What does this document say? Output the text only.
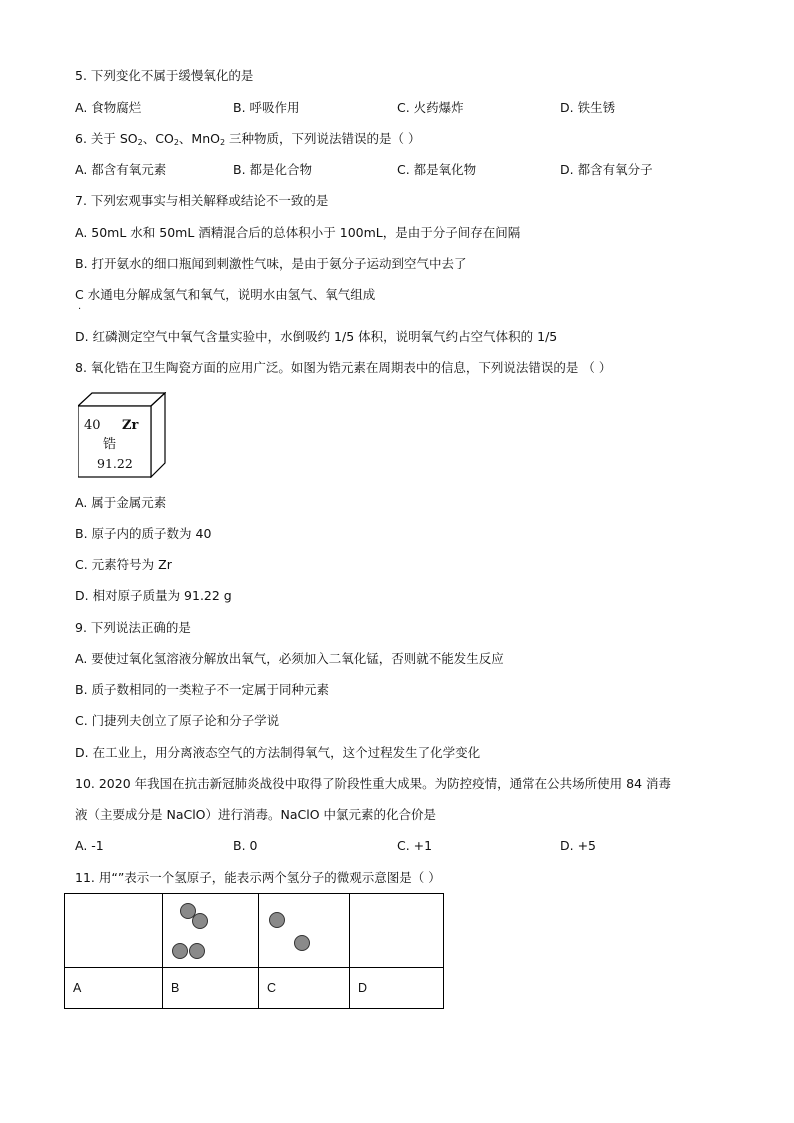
5. 下列变化不属于缓慢氧化的是
A. 食物腐烂	B. 呼吸作用	C. 火药爆炸	D. 铁生锈
6. 关于 $SO_2$、$CO_2$、MnO$_2$ 三种物质，下列说法错误的是（ ）
A. 都含有氧元素	B. 都是化合物	C. 都是氧化物	D. 都含有氧分子
7. 下列宏观事实与相关解释或结论不一致的是
A. 50mL 水和 50mL 酒精混合后的总体积小于 100mL，是由于分子间存在间隔
B. 打开氨水的细口瓶闻到刺激性气味，是由于氨分子运动到空气中去了
C 水通电分解成氢气和氧气，说明水由氢气、氧气组成
·
D. 红磷测定空气中氧气含量实验中，水倒吸约 1/5 体积，说明氧气约占空气体积的 1/5
8. 氧化锆在卫生陶瓷方面的应用广泛。如图为锆元素在周期表中的信息，下列说法错误的是 （ ）
40 Zr
锆
91.22
A. 属于金属元素
B. 原子内的质子数为 40
C. 元素符号为 Zr
D. 相对原子质量为 91.22 g
9. 下列说法正确的是
A. 要使过氧化氢溶液分解放出氧气，必须加入二氧化锰，否则就不能发生反应
B. 质子数相同的一类粒子不一定属于同种元素
C. 门捷列夫创立了原子论和分子学说
D. 在工业上，用分离液态空气的方法制得氧气，这个过程发生了化学变化
10. 2020 年我国在抗击新冠肺炎战役中取得了阶段性重大成果。为防控疫情，通常在公共场所使用 84 消毒
液（主要成分是 NaClO）进行消毒。NaClO 中氯元素的化合价是
A. -1	B. 0	C. +1	D. +5
11. 用“”表示一个氢原子，能表示两个氢分子的微观示意图是（ ）

A	B	C	D
